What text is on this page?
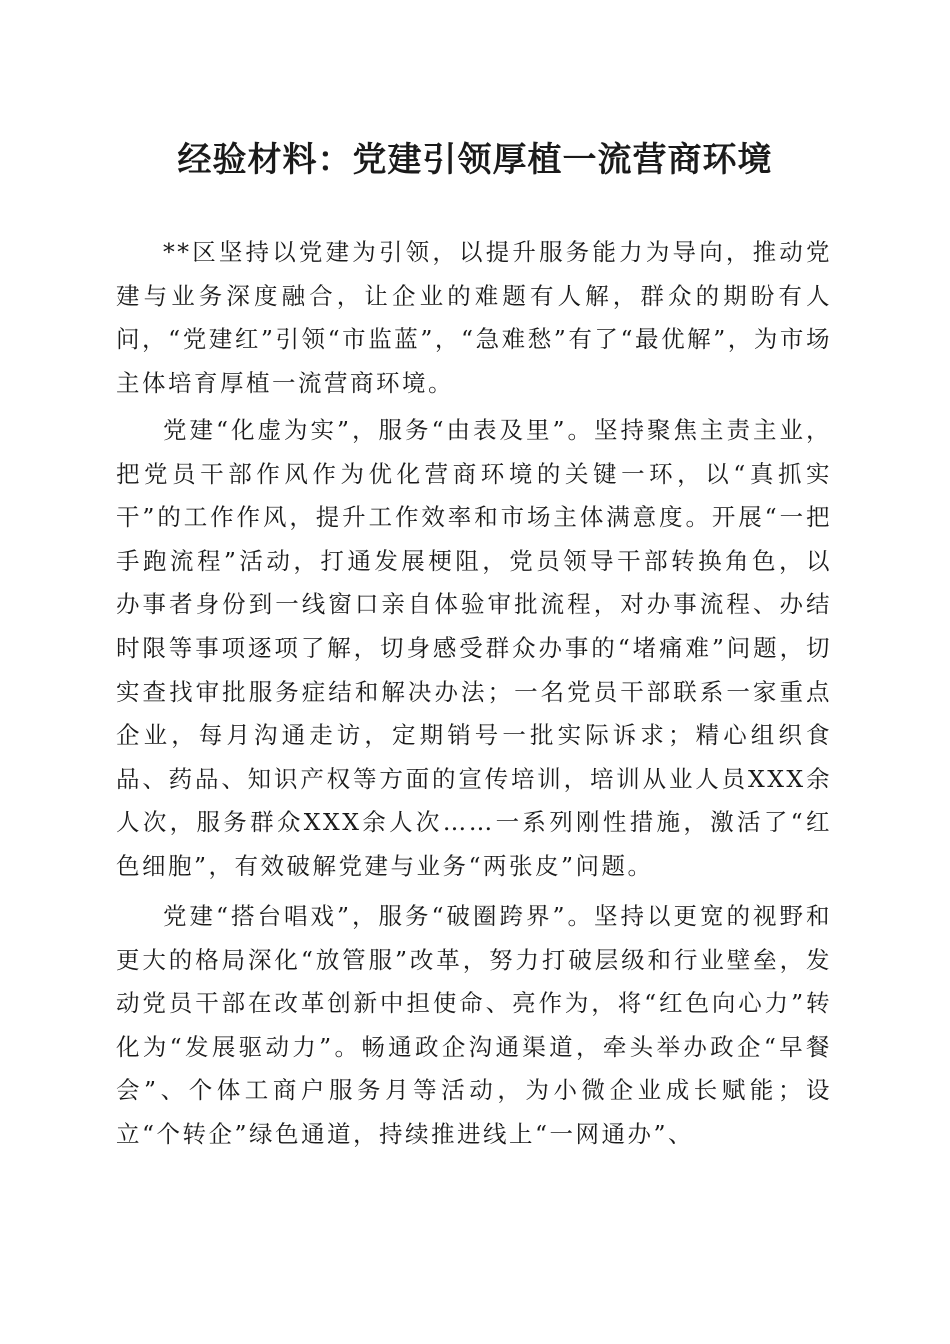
经验材料：党建引领厚植一流营商环境

**区坚持以党建为引领，以提升服务能力为导向，推动党建与业务深度融合，让企业的难题有人解，群众的期盼有人问，“党建红”引领“市监蓝”，“急难愁”有了“最优解”，为市场主体培育厚植一流营商环境。

党建“化虚为实”，服务“由表及里”。坚持聚焦主责主业，把党员干部作风作为优化营商环境的关键一环，以“真抓实干”的工作作风，提升工作效率和市场主体满意度。开展“一把手跑流程”活动，打通发展梗阻，党员领导干部转换角色，以办事者身份到一线窗口亲自体验审批流程，对办事流程、办结时限等事项逐项了解，切身感受群众办事的“堵痛难”问题，切实查找审批服务症结和解决办法；一名党员干部联系一家重点企业，每月沟通走访，定期销号一批实际诉求；精心组织食品、药品、知识产权等方面的宣传培训，培训从业人员XXX余人次，服务群众XXX余人次……一系列刚性措施，激活了“红色细胞”，有效破解党建与业务“两张皮”问题。

党建“搭台唱戏”，服务“破圈跨界”。坚持以更宽的视野和更大的格局深化“放管服”改革，努力打破层级和行业壁垒，发动党员干部在改革创新中担使命、亮作为，将“红色向心力”转化为“发展驱动力”。畅通政企沟通渠道，牵头举办政企“早餐会”、个体工商户服务月等活动，为小微企业成长赋能；设立“个转企”绿色通道，持续推进线上“一网通办”、
